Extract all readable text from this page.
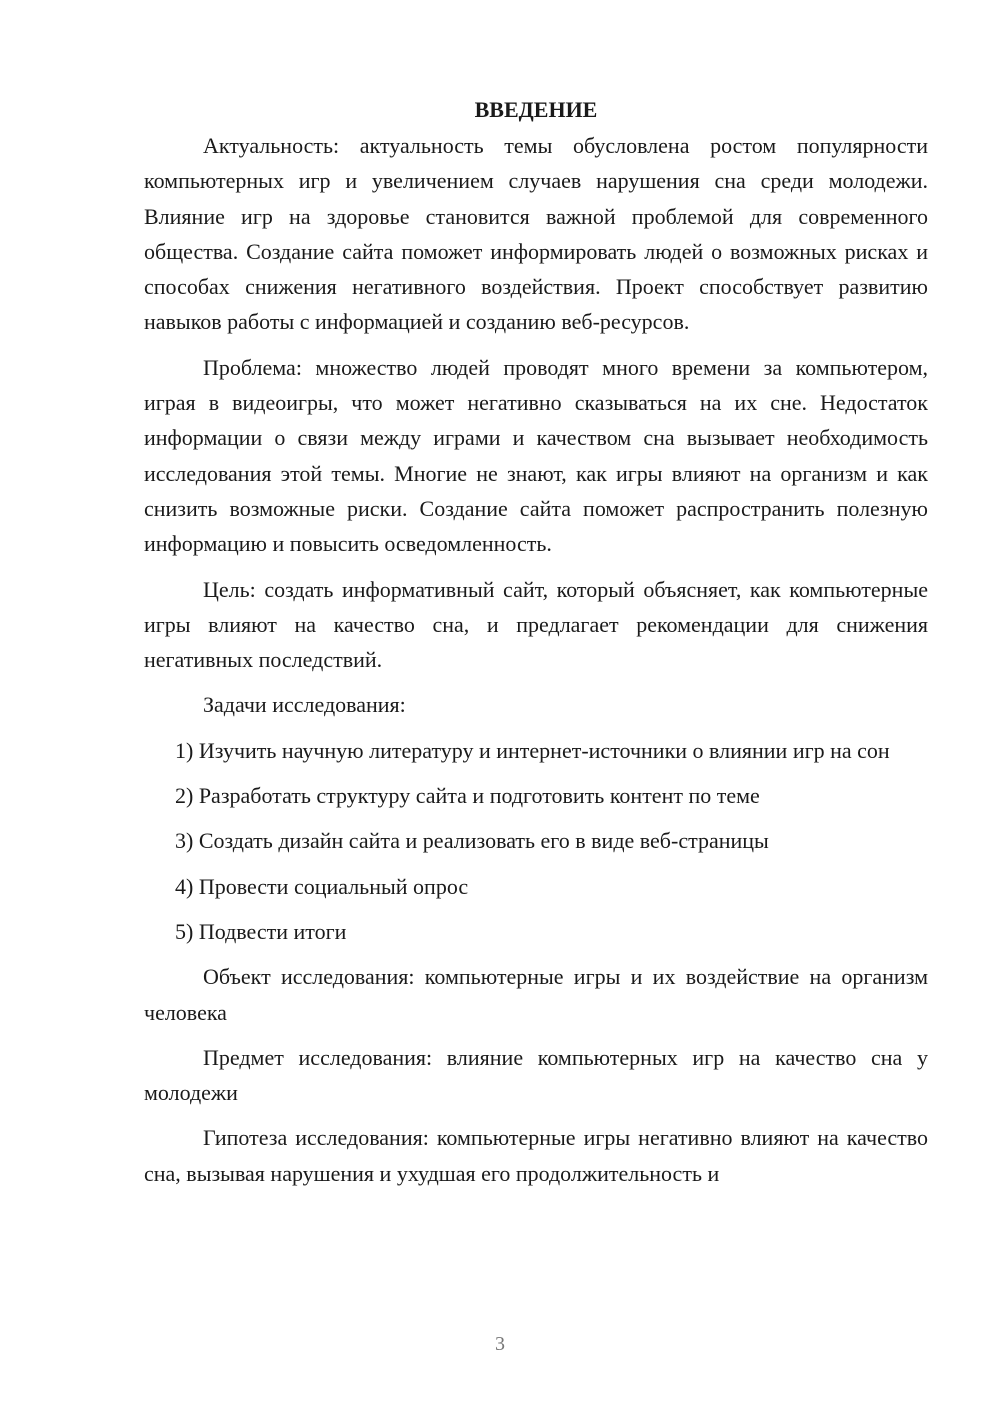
ВВЕДЕНИЕ

Актуальность: актуальность темы обусловлена ростом популярности компьютерных игр и увеличением случаев нарушения сна среди молодежи. Влияние игр на здоровье становится важной проблемой для современного общества. Создание сайта поможет информировать людей о возможных рисках и способах снижения негативного воздействия. Проект способствует развитию навыков работы с информацией и созданию веб-ресурсов.

Проблема: множество людей проводят много времени за компьютером, играя в видеоигры, что может негативно сказываться на их сне. Недостаток информации о связи между играми и качеством сна вызывает необходимость исследования этой темы. Многие не знают, как игры влияют на организм и как снизить возможные риски. Создание сайта поможет распространить полезную информацию и повысить осведомленность.

Цель: создать информативный сайт, который объясняет, как компьютерные игры влияют на качество сна, и предлагает рекомендации для снижения негативных последствий.

Задачи исследования:

1) Изучить научную литературу и интернет-источники о влиянии игр на сон

2) Разработать структуру сайта и подготовить контент по теме

3) Создать дизайн сайта и реализовать его в виде веб-страницы

4) Провести социальный опрос

5) Подвести итоги

Объект исследования: компьютерные игры и их воздействие на организм человека

Предмет исследования: влияние компьютерных игр на качество сна у молодежи

Гипотеза исследования: компьютерные игры негативно влияют на качество сна, вызывая нарушения и ухудшая его продолжительность и

3
